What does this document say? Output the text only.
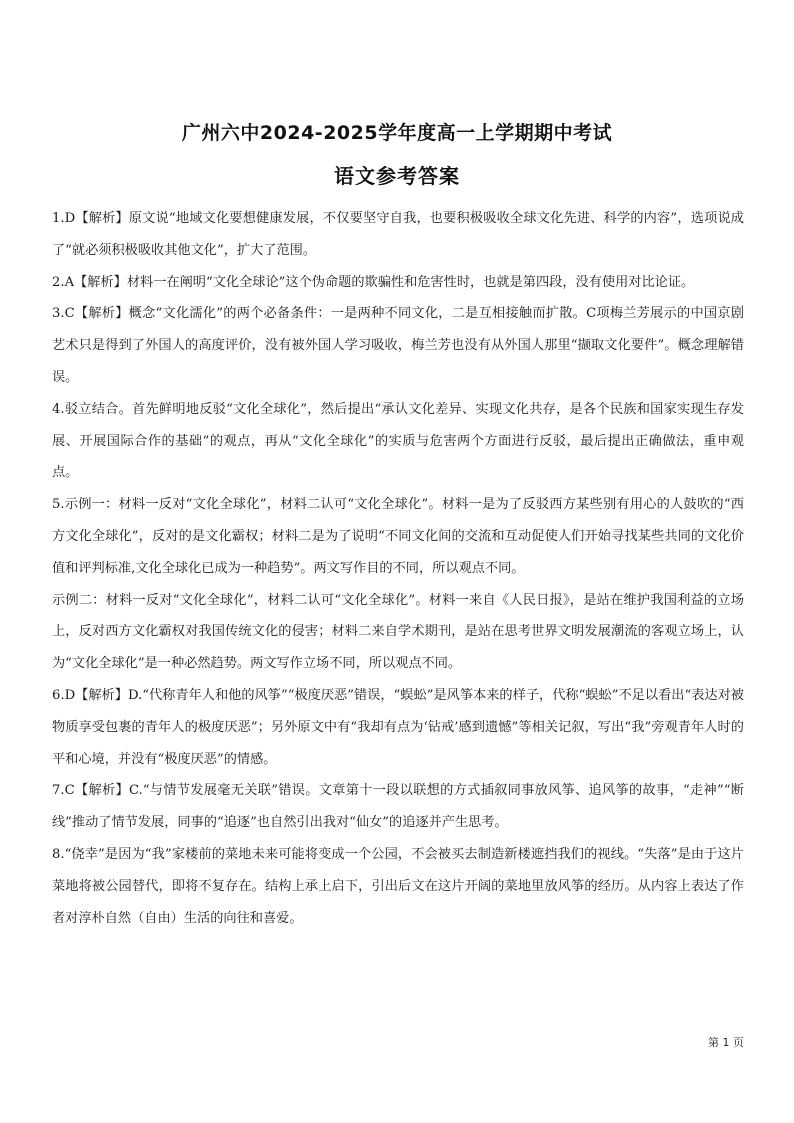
广州六中2024-2025学年度高一上学期期中考试
语文参考答案

1.D【解析】原文说“地域文化要想健康发展，不仅要坚守自我，也要积极吸收全球文化先进、科学的内容”，选项说成了“就必须积极吸收其他文化”，扩大了范围。

2.A【解析】材料一在阐明“文化全球论”这个伪命题的欺骗性和危害性时，也就是第四段，没有使用对比论证。

3.C【解析】概念“文化濡化”的两个必备条件：一是两种不同文化，二是互相接触而扩散。C项梅兰芳展示的中国京剧艺术只是得到了外国人的高度评价，没有被外国人学习吸收，梅兰芳也没有从外国人那里“撷取文化要件”。概念理解错误。

4.驳立结合。首先鲜明地反驳“文化全球化”，然后提出“承认文化差异、实现文化共存，是各个民族和国家实现生存发展、开展国际合作的基础”的观点，再从“文化全球化”的实质与危害两个方面进行反驳，最后提出正确做法，重申观点。

5.示例一：材料一反对“文化全球化”，材料二认可“文化全球化”。材料一是为了反驳西方某些别有用心的人鼓吹的“西方文化全球化”，反对的是文化霸权；材料二是为了说明“不同文化间的交流和互动促使人们开始寻找某些共同的文化价值和评判标准,文化全球化已成为一种趋势”。两文写作目的不同，所以观点不同。

示例二：材料一反对“文化全球化”，材料二认可“文化全球化”。材料一来自《人民日报》，是站在维护我国利益的立场上，反对西方文化霸权对我国传统文化的侵害；材料二来自学术期刊，是站在思考世界文明发展潮流的客观立场上，认为“文化全球化”是一种必然趋势。两文写作立场不同，所以观点不同。

6.D【解析】D.“代称青年人和他的风筝”“极度厌恶”错误，“蜈蚣”是风筝本来的样子，代称“蜈蚣”不足以看出“表达对被物质享受包裹的青年人的极度厌恶”；另外原文中有“我却有点为‘钻戒’感到遗憾”等相关记叙，写出“我”旁观青年人时的平和心境，并没有“极度厌恶”的情感。

7.C【解析】C.“与情节发展毫无关联”错误。文章第十一段以联想的方式插叙同事放风筝、追风筝的故事，“走神”“断线”推动了情节发展，同事的“追逐”也自然引出我对“仙女”的追逐并产生思考。

8.“侥幸”是因为“我”家楼前的菜地未来可能将变成一个公园，不会被买去制造新楼遮挡我们的视线。“失落”是由于这片菜地将被公园替代，即将不复存在。结构上承上启下，引出后文在这片开阔的菜地里放风筝的经历。从内容上表达了作者对淳朴自然（自由）生活的向往和喜爱。

第 1 页
